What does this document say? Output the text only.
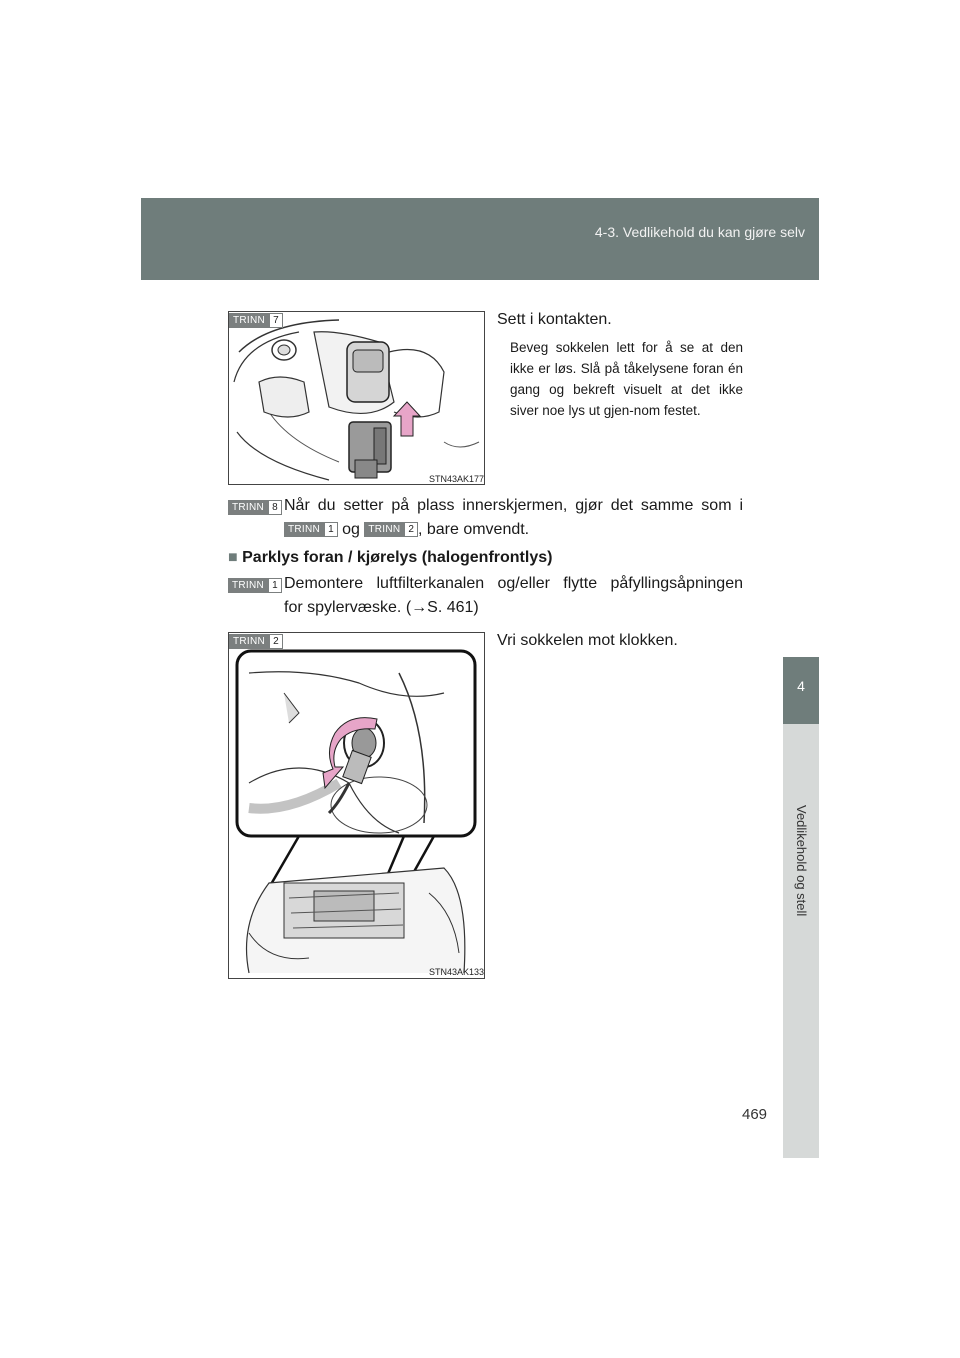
4-3. Vedlikehold du kan gjøre selv
4
Vedlikehold og stell
TRINN 7
STN43AK177
Sett i kontakten.
Beveg sokkelen lett for å se at den ikke er løs. Slå på tåkelysene foran én gang og bekreft visuelt at det ikke siver noe lys ut gjen-nom festet.
TRINN 8 Når du setter på plass innerskjermen, gjør det samme som i
TRINN 1 og TRINN 2 , bare omvendt.
■ Parklys foran / kjørelys (halogenfrontlys)
TRINN 1 Demontere luftfilterkanalen og/eller flytte påfyllingsåpningen
for spylervæske. (→S. 461)
TRINN 2
STN43AK133
Vri sokkelen mot klokken.
469
